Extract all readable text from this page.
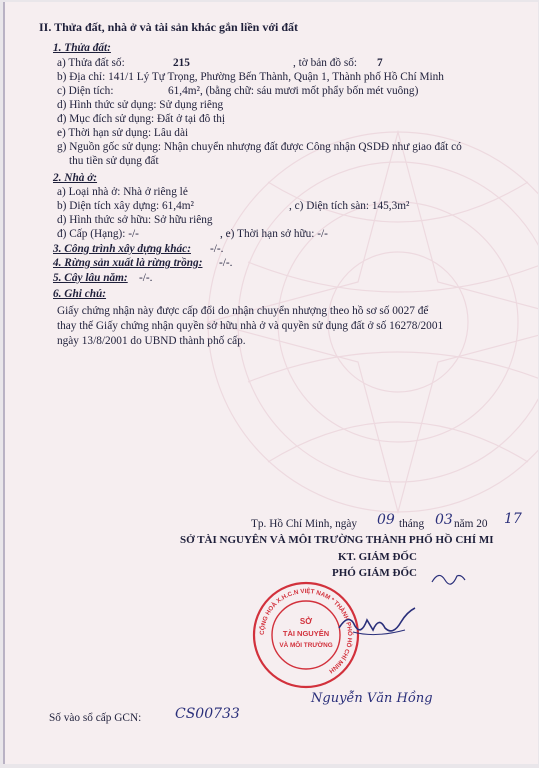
II. Thửa đất, nhà ở và tài sản khác gắn liền với đất
1. Thửa đất:
a) Thửa đất số:	215	, tờ bản đồ số: 7
b) Địa chỉ: 141/1 Lý Tự Trọng, Phường Bến Thành, Quận 1, Thành phố Hồ Chí Minh
c) Diện tích:	61,4m², (bằng chữ: sáu mươi mốt phẩy bốn mét vuông)
d) Hình thức sử dụng: Sử dụng riêng
đ) Mục đích sử dụng: Đất ở tại đô thị
e) Thời hạn sử dụng: Lâu dài
g) Nguồn gốc sử dụng: Nhận chuyển nhượng đất được Công nhận QSDĐ như giao đất có
thu tiền sử dụng đất
2. Nhà ở:
a) Loại nhà ở: Nhà ở riêng lẻ
b) Diện tích xây dựng: 61,4m²	, c) Diện tích sàn: 145,3m²
d) Hình thức sở hữu: Sở hữu riêng
đ) Cấp (Hạng): -/-	, e) Thời hạn sở hữu: -/-
3. Công trình xây dựng khác: -/-.
4. Rừng sản xuất là rừng trồng: -/-.
5. Cây lâu năm: -/-.
6. Ghi chú:
Giấy chứng nhận này được cấp đổi do nhận chuyển nhượng theo hồ sơ số 0027 để
thay thế Giấy chứng nhận quyền sở hữu nhà ở và quyền sử dụng đất ở số 16278/2001
ngày 13/8/2001 do UBND thành phố cấp.
Tp. Hồ Chí Minh, ngày 09 tháng 03 năm 20 17
SỞ TÀI NGUYÊN VÀ MÔI TRƯỜNG THÀNH PHỐ HỒ CHÍ MI
KT. GIÁM ĐỐC
PHÓ GIÁM ĐỐC
CỘNG HOÀ X.H.C.N VIỆT NAM * THÀNH PHỐ HỒ CHÍ MINH
SỞ
TÀI NGUYÊN
VÀ MÔI TRƯỜNG
Nguyễn Văn Hồng
Số vào sổ cấp GCN: CS00733
